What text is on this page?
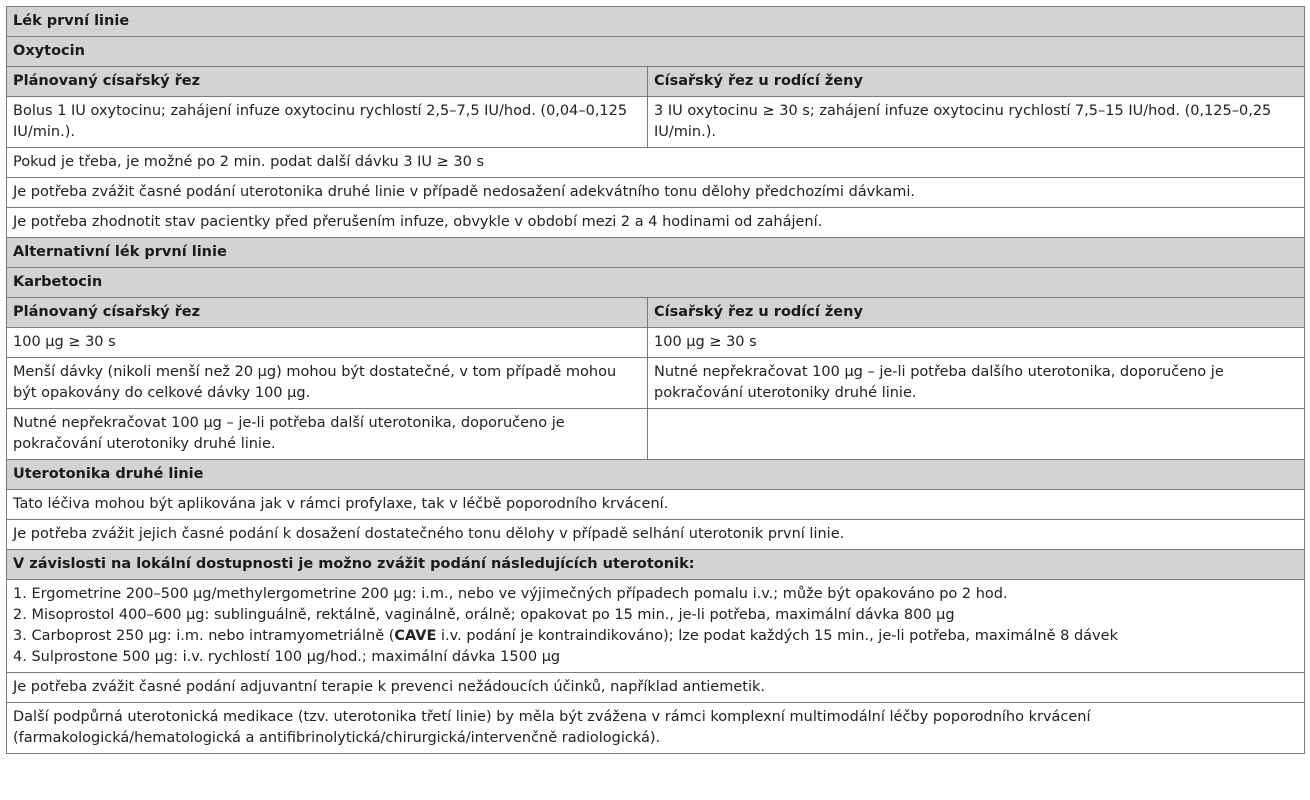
Lék první linie	
Oxytocin	
Plánovaný císařský řez	Císařský řez u rodící ženy
Bolus 1 IU oxytocinu; zahájení infuze oxytocinu rychlostí 2,5–7,5 IU/hod. (0,04–0,125 IU/min.).	3 IU oxytocinu ≥ 30 s; zahájení infuze oxytocinu rychlostí 7,5–15 IU/hod. (0,125–0,25 IU/min.).
Pokud je třeba, je možné po 2 min. podat další dávku 3 IU ≥ 30 s	
Je potřeba zvážit časné podání uterotonika druhé linie v případě nedosažení adekvátního tonu dělohy předchozími dávkami.	
Je potřeba zhodnotit stav pacientky před přerušením infuze, obvykle v období mezi 2 a 4 hodinami od zahájení.	
Alternativní lék první linie	
Karbetocin	
Plánovaný císařský řez	Císařský řez u rodící ženy
100 μg ≥ 30 s	100 μg ≥ 30 s
Menší dávky (nikoli menší než 20 μg) mohou být dostatečné, v tom případě mohou být opakovány do celkové dávky 100 μg.	Nutné nepřekračovat 100 μg – je-li potřeba dalšího uterotonika, doporučeno je pokračování uterotoniky druhé linie.
Nutné nepřekračovat 100 μg – je-li potřeba další uterotonika, doporučeno je pokračování uterotoniky druhé linie.	
Uterotonika druhé linie	
Tato léčiva mohou být aplikována jak v rámci profylaxe, tak v léčbě poporodního krvácení.	
Je potřeba zvážit jejich časné podání k dosažení dostatečného tonu dělohy v případě selhání uterotonik první linie.	
V závislosti na lokální dostupnosti je možno zvážit podání následujících uterotonik:	

1. Ergometrine 200–500 μg/methylergometrine 200 μg: i.m., nebo ve výjimečných případech pomalu i.v.; může být opakováno po 2 hod.
2. Misoprostol 400–600 μg: sublinguálně, rektálně, vaginálně, orálně; opakovat po 15 min., je-li potřeba, maximální dávka 800 μg
3. Carboprost 250 μg: i.m. nebo intramyometriálně (CAVE i.v. podání je kontraindikováno); lze podat každých 15 min., je-li potřeba, maximálně 8 dávek
4. Sulprostone 500 μg: i.v. rychlostí 100 μg/hod.; maximální dávka 1500 μg	

Je potřeba zvážit časné podání adjuvantní terapie k prevenci nežádoucích účinků, například antiemetik.	
Další podpůrná uterotonická medikace (tzv. uterotonika třetí linie) by měla být zvážena v rámci komplexní multimodální léčby poporodního krvácení (farmakologická/hematologická a antifibrinolytická/chirurgická/intervenčně radiologická).	
